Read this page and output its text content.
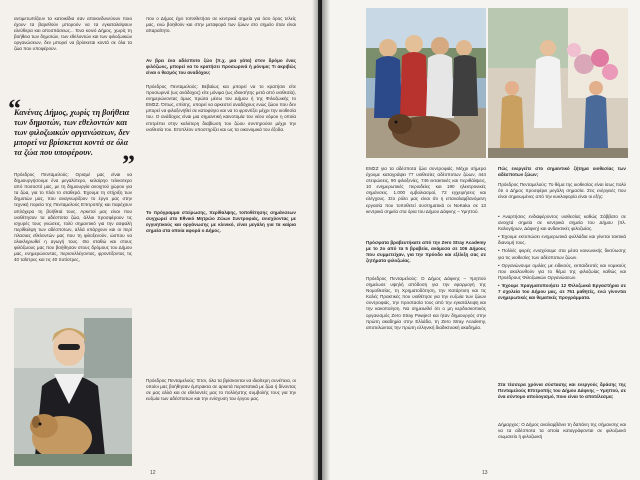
αντιμετωπίζουν τα κατοικίδια σαν αποκινδυνεύουν ποιο έχουν τα βαρεθούν μπορούν να τα εγκαταλείψουν ελεύθερα και αποσπάσεως... Ένα κοινό Δήμος, χωρίς τη βοήθεια των δημοτών, των εθελοντών και των φιλοζωικών οργανώσεων, δεν μπορεί να βρίσκεται κοντά σε όλα τα ζώα που υποφέρουν.

“
Κανένας Δήμος, χωρίς τη βοήθεια των δημοτών, των εθελοντών και των φιλοζωικών οργανώσεων, δεν μπορεί να βρίσκεται κοντά σε όλα τα ζώα που υποφέρουν.	”

Πρόεδρος Πενταμελούς: Ορισμέ μας είναι να δημιουργήσουμε ένα μεγαλύτερο, κελαίρηο τελικοτερο από ποσοστό μας, με τη δημιουργία ανοιχτού χώρου για τα ζώα, για το πλάι το σταθερά. Έχουμε τη στήριξη των δημοτών μας, που αναγνωρίζουν το έργο μας στην τεχνική πορεία της Πενταμελούς Επιτροπής και παρέχουν απλόχερα τη βοήθειά τους. Αρκετοί μας είναι που υιοθέτησαν τα αδέσποτα ζώα, άλλοι προσφέρουν τις ισχυρές τους γνώσεις, τολύ σημαντικό για την ασφαλή περίθαλψη των αδέσποτων, αλλά υπάρχουν και οι περί πλασιας εθελοντών μας που τη φιλοξενούν, ώσπου να ολοκληρωθεί η αγωγή τους. Θα σταθώ και στους φιλόζωους μας που βοήθησαν στους δρόμους του Δήμου μας, ενημερώνοντας, περισυλλέγοντας, φροντίζοντας τις 40 ταΐστρες και τις 40 ποτίστρες,

που ο Δήμος έχει τοποθετήσει σε κεντρικά σημεία για όσο όρος τελείς μας, ενώ βοηθούν και στην μεταφορά των ζώων στο σημείο όταν είναι απαραίτητο.

Αν βρει ένα αδέσποτο ζώο (π.χ. μια γάτα) στον δρόμο ένας φιλόζωος, μπορεί να το κρατήσει προσωρινά ή μόνιμα; Τι ακριβώς είναι ο θεσμός του αναδόχου;

Πρόεδρος Πενταμελούς: Βεβαίως και μπορεί να το κρατήσει είτε προσωρινά (ως ανάδοχος) είτε μόνιμα (ως ιδιοκτήτης μετά από υιοθεσία), ενημερώνοντας όμως πρώτα μέσω του Δήμου ή της Φιλοζωικής το ΕΜΣΖ. Όπως, επίσης, υπορεί να αρκεστεί αναδόχους ενώς ζώου που δεν μπορεί να φιλοξενηθεί σε κατοφύγιο και να το φροντίζει μέχρι την υιοθεσία του. Ο ανάδοχος είναι μια σημαντική καινοτομία του νέου νόμου η οποία επιτρέπει στην καλύτερη διαβίωση του ζώου συντηρούσε μέχρι την υιοθεσία του. Επιπλέον υποστηρίζει και ως τα οικονομικά του έξοδα.

Το πρόγραμμα στείρωσης, περίθαλψης, τοποθέτησης σημάνσεων συγχωρεί στο Εθνικό Μητρώο Ζώων Συντροφιάς, ενισχύοντας με εγγυητικούς και οργάνωσης με κλινικό, είναι μεγάλη για τα καίρια σημεία στα οποία αφορά ο Δήμος.

Πρόεδρος Πενταμελούς: Έτσι, όλα τα βρίσκονται να ιδιαίτερη συνέπεια, οι οποίοι μας βοήθησαν έμπρακτα σε αρκετά περιστατικά με ζώα ή δίνοντας σε μας αλλά και σε εθελοντές μας το πολλήστης συμβολής τους για την ευζωία των αδέσποτων και την ενίσχυση του έργου μας.

12

ΕΜΣΖ για τα αδέσποτα ζώα συντροφιάς. Μέχρι σήμερα έχουμε καταγράψει 77 υιοθεσίες αδέσποτων ζώων, 444 στειρώσεις, 90 φιλοξενίες, 746 εκτακτικές και περιθάλψεις, 10 ενημερωτικές περιοδείες και 190 ηλεκτρονικές σημάνσεις. 1.000 εμβολιασμοί, 72 εγχειρήσεις και ελέγχους. Στο ρόλο μας είναι ότι η επαναλαμβανόμενη εργασία που τοποθετεί συστηματικά οι NoKaka σε 13 κεντρικά σημεία στα όρια του Δήμου Δάφνης – Υμηττού.

Πρόσφατα βραβευτήκατε από την Zero Stray Academy με το 2ο από τα 5 βραβεία, ανάμεσα σε 106 Δήμους που συμμετείχαν, για την πρόοδο και εξέλιξη σας σε ζητήματα φιλοζωίας.

Πρόεδρος Πενταμελούς: Ο Δήμος Δάφνης – Υμηττού σημείωσε υψηλή απόδοση για την εφαρμογή της Νομοθεσίας, τη Χρηματοδότηση, την Κατάρτιση και τις Καλές Πρακτικές που υιοθέτησε για την ευζωία των ζώων συντροφιάς, την προστασία τους από την εγκατάλειψη και την κακοποίηση. Να σημειωθεί ότι ο μη κερδοσκοπικός οργανισμός Zero Stray Pawject και ήταν δημιουργός στην πρώτη ακαδημία στην Ελλάδα, τη Zero Stray Academy, αποτελώντας την πρώτη ελληνική διαδικτυακή ακαδημία.

Πώς ενεργείτε στο σημαντικό ζήτημα υιοθεσίας των αδέσποτων ζώων;

Πρόεδρος Πενταμελούς: Το θέμα της υιοθεσίας είναι ίσως πολύ ότι ο Δήμος προσφέρει μεγάλη σημασία. Στις ενέργειές που είναι σημειωμένες από την κυκλοφορία είναι οι εξής:

• Αναρτήσεις ενδιαφέροντος υιοθεσίας καθώς Σάββατο σε ανοιχτά σημεία σε κεντρικά σημεία του Δήμου (πλ. Καλογήρων, Δάφνη) και ανδεικτικές φιλοζωίας.

• Έχουμε εκτυπώσει ενημερωτικά φυλλάδια και γίνεται τακτικά διανομή τους.

• Πολλές φορές ενισχύουμε στα μέσα κοινωνικής δικτύωσης για τις υιοθεσίες των αδέσποτων ζώων.

• Οργανώνουμε ομιλίες με ειδικούς, εκπαιδευτές και νομικούς που ακολουθούν για το θέμα της φιλοζωίας καθώς και Προέδρους Φιλοζωικών Οργανώσεων.

• Έχουμε πραγματοποιήσει 12 Φιλοζωικά Εργαστήρια σε 7 σχολεία του Δήμου μας, σε 751 μαθητές, ενώ γίνονται ενημερωτικές και θεματικές προγράμματα.

Στα τέσσερα χρόνια σύστασης και ενεργούς δράσης της Πενταμελούς Επιτροπής του Δήμου Δάφνης – Υμηττού, σε ένα σύντομο απολογισμό, ποιο είναι το αποτέλεσμα;

Δήμαρχος: Ο Δήμος αναλαμβάνει τη δαπάνη της σήμανσης και να τα αδέσποτα τα οποία καταγράφονται σε φιλοζωικό σωματείο ή φιλοζωική

13
